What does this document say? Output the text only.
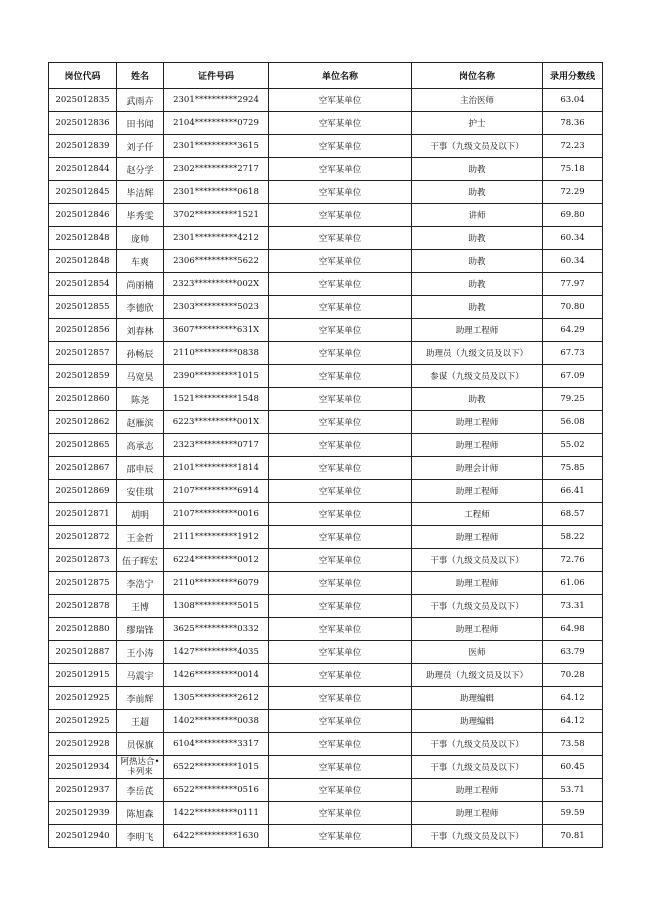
岗位代码	姓名	证件号码	单位名称	岗位名称	录用分数线
2025012835	武雨卉	2301**********2924	空军某单位	主治医师	63.04
2025012836	田书闻	2104**********0729	空军某单位	护士	78.36
2025012839	刘子仟	2301**********3615	空军某单位	干事（九级文员及以下）	72.23
2025012844	赵分学	2302**********2717	空军某单位	助教	75.18
2025012845	毕洁辉	2301**********0618	空军某单位	助教	72.29
2025012846	毕秀雯	3702**********1521	空军某单位	讲师	69.80
2025012848	庞帅	2301**********4212	空军某单位	助教	60.34
2025012848	车爽	2306**********5622	空军某单位	助教	60.34
2025012854	尚丽楠	2323**********002X	空军某单位	助教	77.97
2025012855	李德欣	2303**********5023	空军某单位	助教	70.80
2025012856	刘春林	3607**********631X	空军某单位	助理工程师	64.29
2025012857	孙畅辰	2110**********0838	空军某单位	助理员（九级文员及以下）	67.73
2025012859	马宽昊	2390**********1015	空军某单位	参谋（九级文员及以下）	67.09
2025012860	陈尧	1521**********1548	空军某单位	助教	79.25
2025012862	赵雁滨	6223**********001X	空军某单位	助理工程师	56.08
2025012865	高承志	2323**********0717	空军某单位	助理工程师	55.02
2025012867	邵申辰	2101**********1814	空军某单位	助理会计师	75.85
2025012869	安佳琪	2107**********6914	空军某单位	助理工程师	66.41
2025012871	胡明	2107**********0016	空军某单位	工程师	68.57
2025012872	王金哲	2111**********1912	空军某单位	助理工程师	58.22
2025012873	伍子晖宏	6224**********0012	空军某单位	干事（九级文员及以下）	72.76
2025012875	李浩宁	2110**********6079	空军某单位	助理工程师	61.06
2025012878	王博	1308**********5015	空军某单位	干事（九级文员及以下）	73.31
2025012880	缪瑞锋	3625**********0332	空军某单位	助理工程师	64.98
2025012887	王小涛	1427**********4035	空军某单位	医师	63.79
2025012915	马震宇	1426**********0014	空军某单位	助理员（九级文员及以下）	70.28
2025012925	李前辉	1305**********2612	空军某单位	助理编辑	64.12
2025012925	王超	1402**********0038	空军某单位	助理编辑	64.12
2025012928	员保旗	6104**********3317	空军某单位	干事（九级文员及以下）	73.58
2025012934	阿热达合•卡列来	6522**********1015	空军某单位	干事（九级文员及以下）	60.45
2025012937	李岳芪	6522**********0516	空军某单位	助理工程师	53.71
2025012939	陈旭森	1422**********0111	空军某单位	助理工程师	59.59
2025012940	李明飞	6422**********1630	空军某单位	干事（九级文员及以下）	70.81
